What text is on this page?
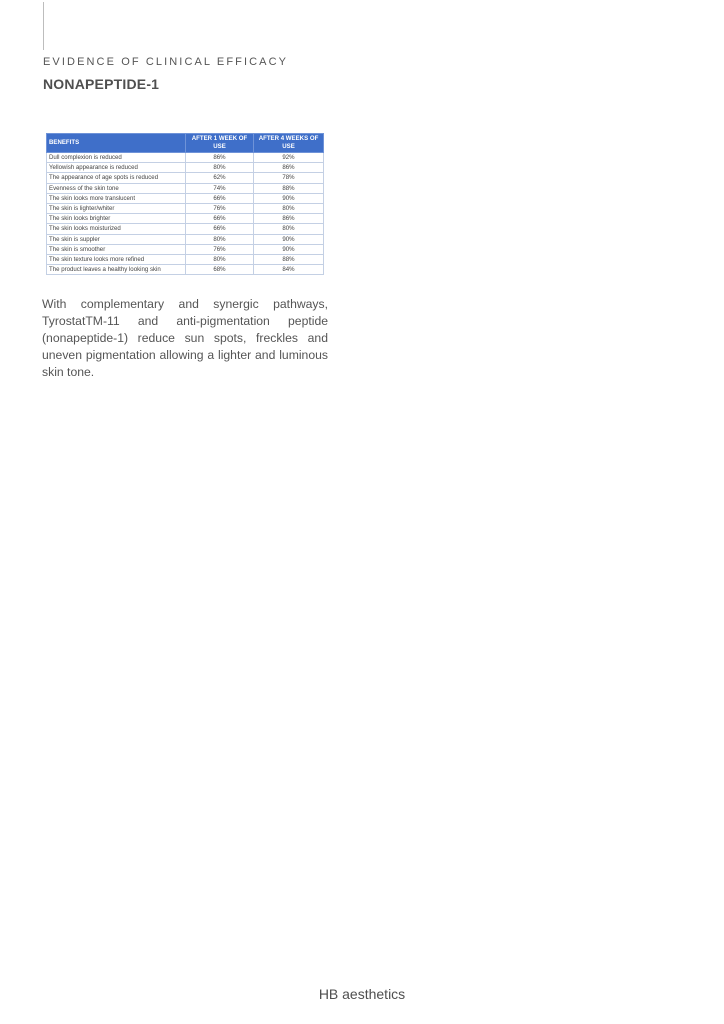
EVIDENCE OF CLINICAL EFFICACY
NONAPEPTIDE-1
BENEFITS	AFTER 1 WEEK OF USE	AFTER 4 WEEKS OF USE
Dull complexion is reduced	86%	92%
Yellowish appearance is reduced	80%	86%
The appearance of age spots is reduced	62%	78%
Evenness of the skin tone	74%	88%
The skin looks more translucent	66%	90%
The skin is lighter/whiter	76%	80%
The skin looks brighter	66%	86%
The skin looks moisturized	66%	80%
The skin is suppler	80%	90%
The skin is smoother	76%	90%
The skin texture looks more refined	80%	88%
The product leaves a healthy looking skin	68%	84%

With complementary and synergic pathways, TyrostatTM-11 and anti-pigmentation peptide (nonapeptide-1) reduce sun spots, freckles and uneven pigmentation allowing a lighter and luminous skin tone.

HB aesthetics
